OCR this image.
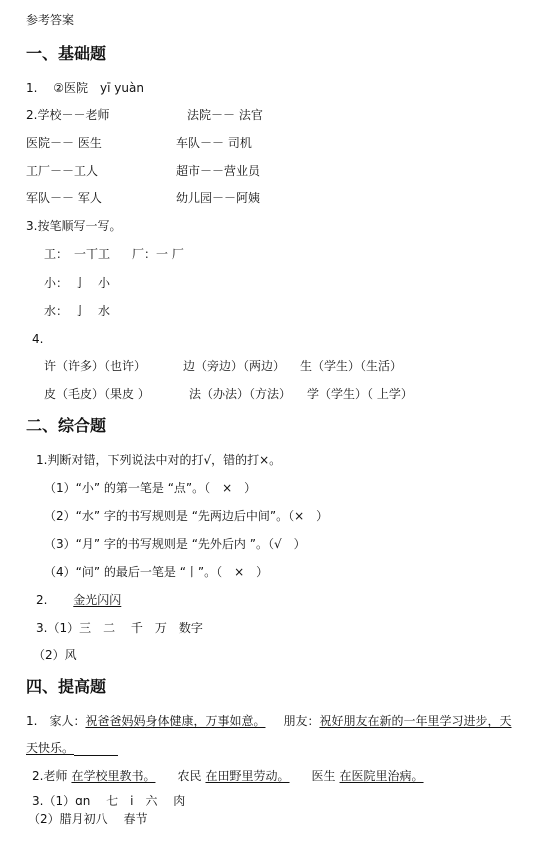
参考答案
一、基础题
1.　 ②医院　yī yuàn
2.学校－－老师	法院－－ 法官
医院－－ 医生	车队－－ 司机
工厂－－工人	超市－－营业员
军队－－ 军人	幼儿园－－阿姨
3.按笔顺写一写。
工：　一丅工 厂：一 厂
小：　亅　小
水：　亅　水
4.
许（许多）（也许）	边（旁边）（两边） 生（学生）（生活）
皮（毛皮）（果皮 ）	法（办法）（方法） 学（学生）（ 上学）
二、综合题
1.判断对错，下列说法中对的打√，错的打×。
（1）“小” 的第一笔是 “点”。（　×　）
（2）“水” 字的书写规则是 “先两边后中间”。（×　）
（3）“月” 字的书写规则是 “先外后内 ”。（√　）
（4）“问” 的最后一笔是 “丨”。（　×　）
2. 金光闪闪
3.（1）三　二　 千　万　数字
（2）风
四、提高题
1.　家人：祝爸爸妈妈身体健康，万事如意。 朋友：祝好朋友在新的一年里学习进步，天
天快乐。
2.老师 在学校里教书。 农民 在田野里劳动。 医生 在医院里治病。
3.（1）ɑn　 七　i　六　 肉
（2）腊月初八　 春节
